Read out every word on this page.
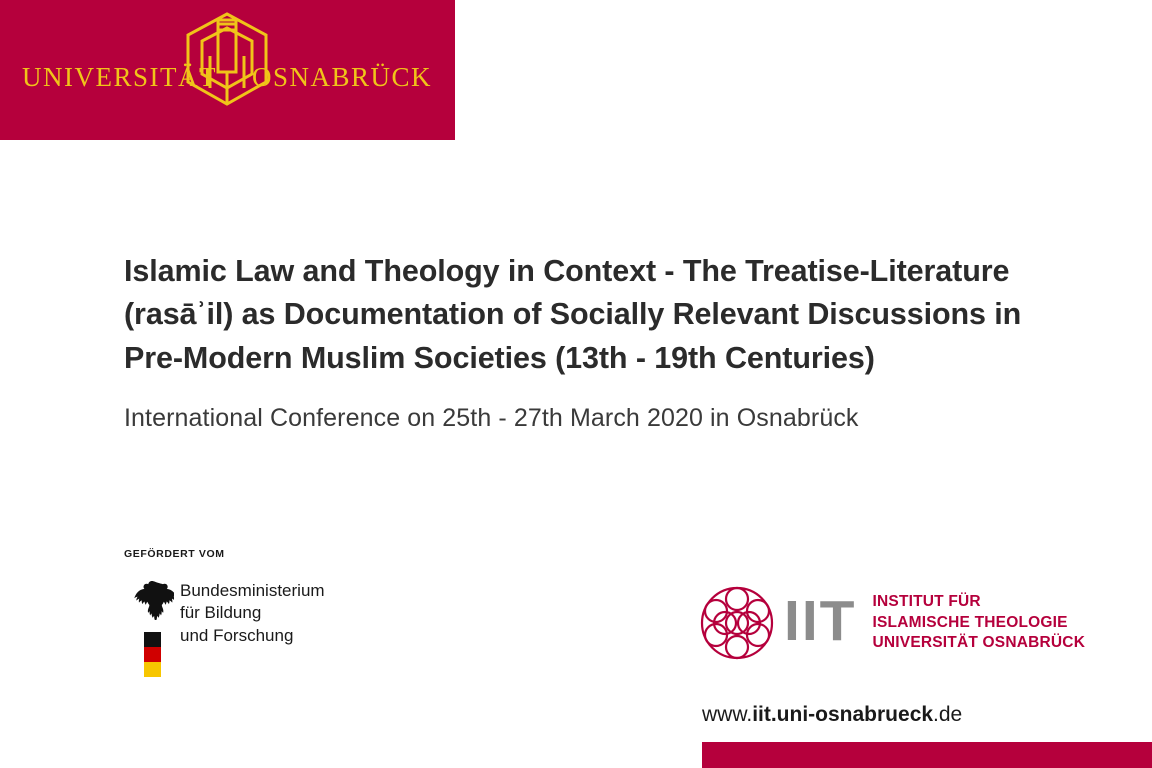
UNIVERSITÄT OSNABRÜCK
Islamic Law and Theology in Context - The Treatise-Literature (rasāʾil) as Documentation of Socially Relevant Discussions in Pre-Modern Muslim Societies (13th - 19th Centuries)

International Conference on 25th - 27th March 2020 in Osnabrück

GEFÖRDERT VOM
Bundesministerium
für Bildung
und Forschung	IIT INSTITUT FÜR
ISLAMISCHE THEOLOGIE
UNIVERSITÄT OSNABRÜCK
www.iit.uni-osnabrueck.de
